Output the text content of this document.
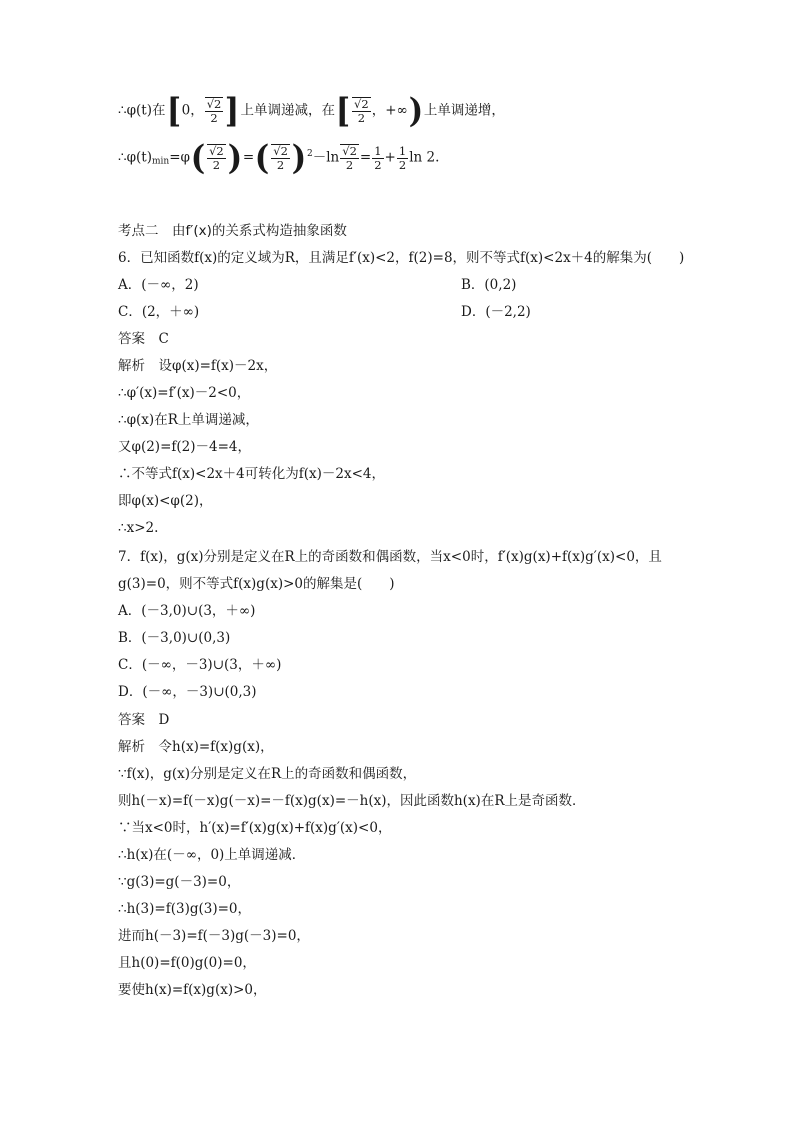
∴φ(t)在[0， $\frac{√2}{2}$ ]上单调递减，在[ $\frac{√2}{2}$ ，+∞)上单调递增，
$\therefore\varphi(t)_{min}=\varphi( \frac{√2}{2}$ )=( $\frac{√2}{2} )^2-\ln \frac{√2}{2} = \frac{1}{2} + \frac{1}{2}$ ln 2.
考点二　由f′(x)的关系式构造抽象函数
6．已知函数f(x)的定义域为R，且满足f′(x)<2，f(2)=8，则不等式f(x)<2x＋4的解集为(　　)
A．(－∞，2)	B．(0,2)
C．(2，＋∞)	D．(－2,2)
答案　C
解析　设φ(x)=f(x)－2x，
∴φ′(x)=f′(x)－2<0，
∴φ(x)在R上单调递减，
又φ(2)=f(2)－4=4，
∴不等式f(x)<2x＋4可转化为f(x)－2x<4，
即φ(x)<φ(2)，
∴x>2.
7．f(x)，g(x)分别是定义在R上的奇函数和偶函数，当x<0时，f′(x)g(x)+f(x)g′(x)<0，且
g(3)=0，则不等式f(x)g(x)>0的解集是(　　)
A．(－3,0)∪(3，＋∞)
B．(－3,0)∪(0,3)
C．(－∞，－3)∪(3，＋∞)
D．(－∞，－3)∪(0,3)
答案　D
解析　令h(x)=f(x)g(x)，
∵f(x)，g(x)分别是定义在R上的奇函数和偶函数，
则h(－x)=f(－x)g(－x)=－f(x)g(x)=－h(x)，因此函数h(x)在R上是奇函数．
∵当x<0时，h′(x)=f′(x)g(x)+f(x)g′(x)<0，
∴h(x)在(－∞，0)上单调递减．
∵g(3)=g(－3)=0，
∴h(3)=f(3)g(3)=0，
进而h(－3)=f(－3)g(－3)=0，
且h(0)=f(0)g(0)=0，
要使h(x)=f(x)g(x)>0，
